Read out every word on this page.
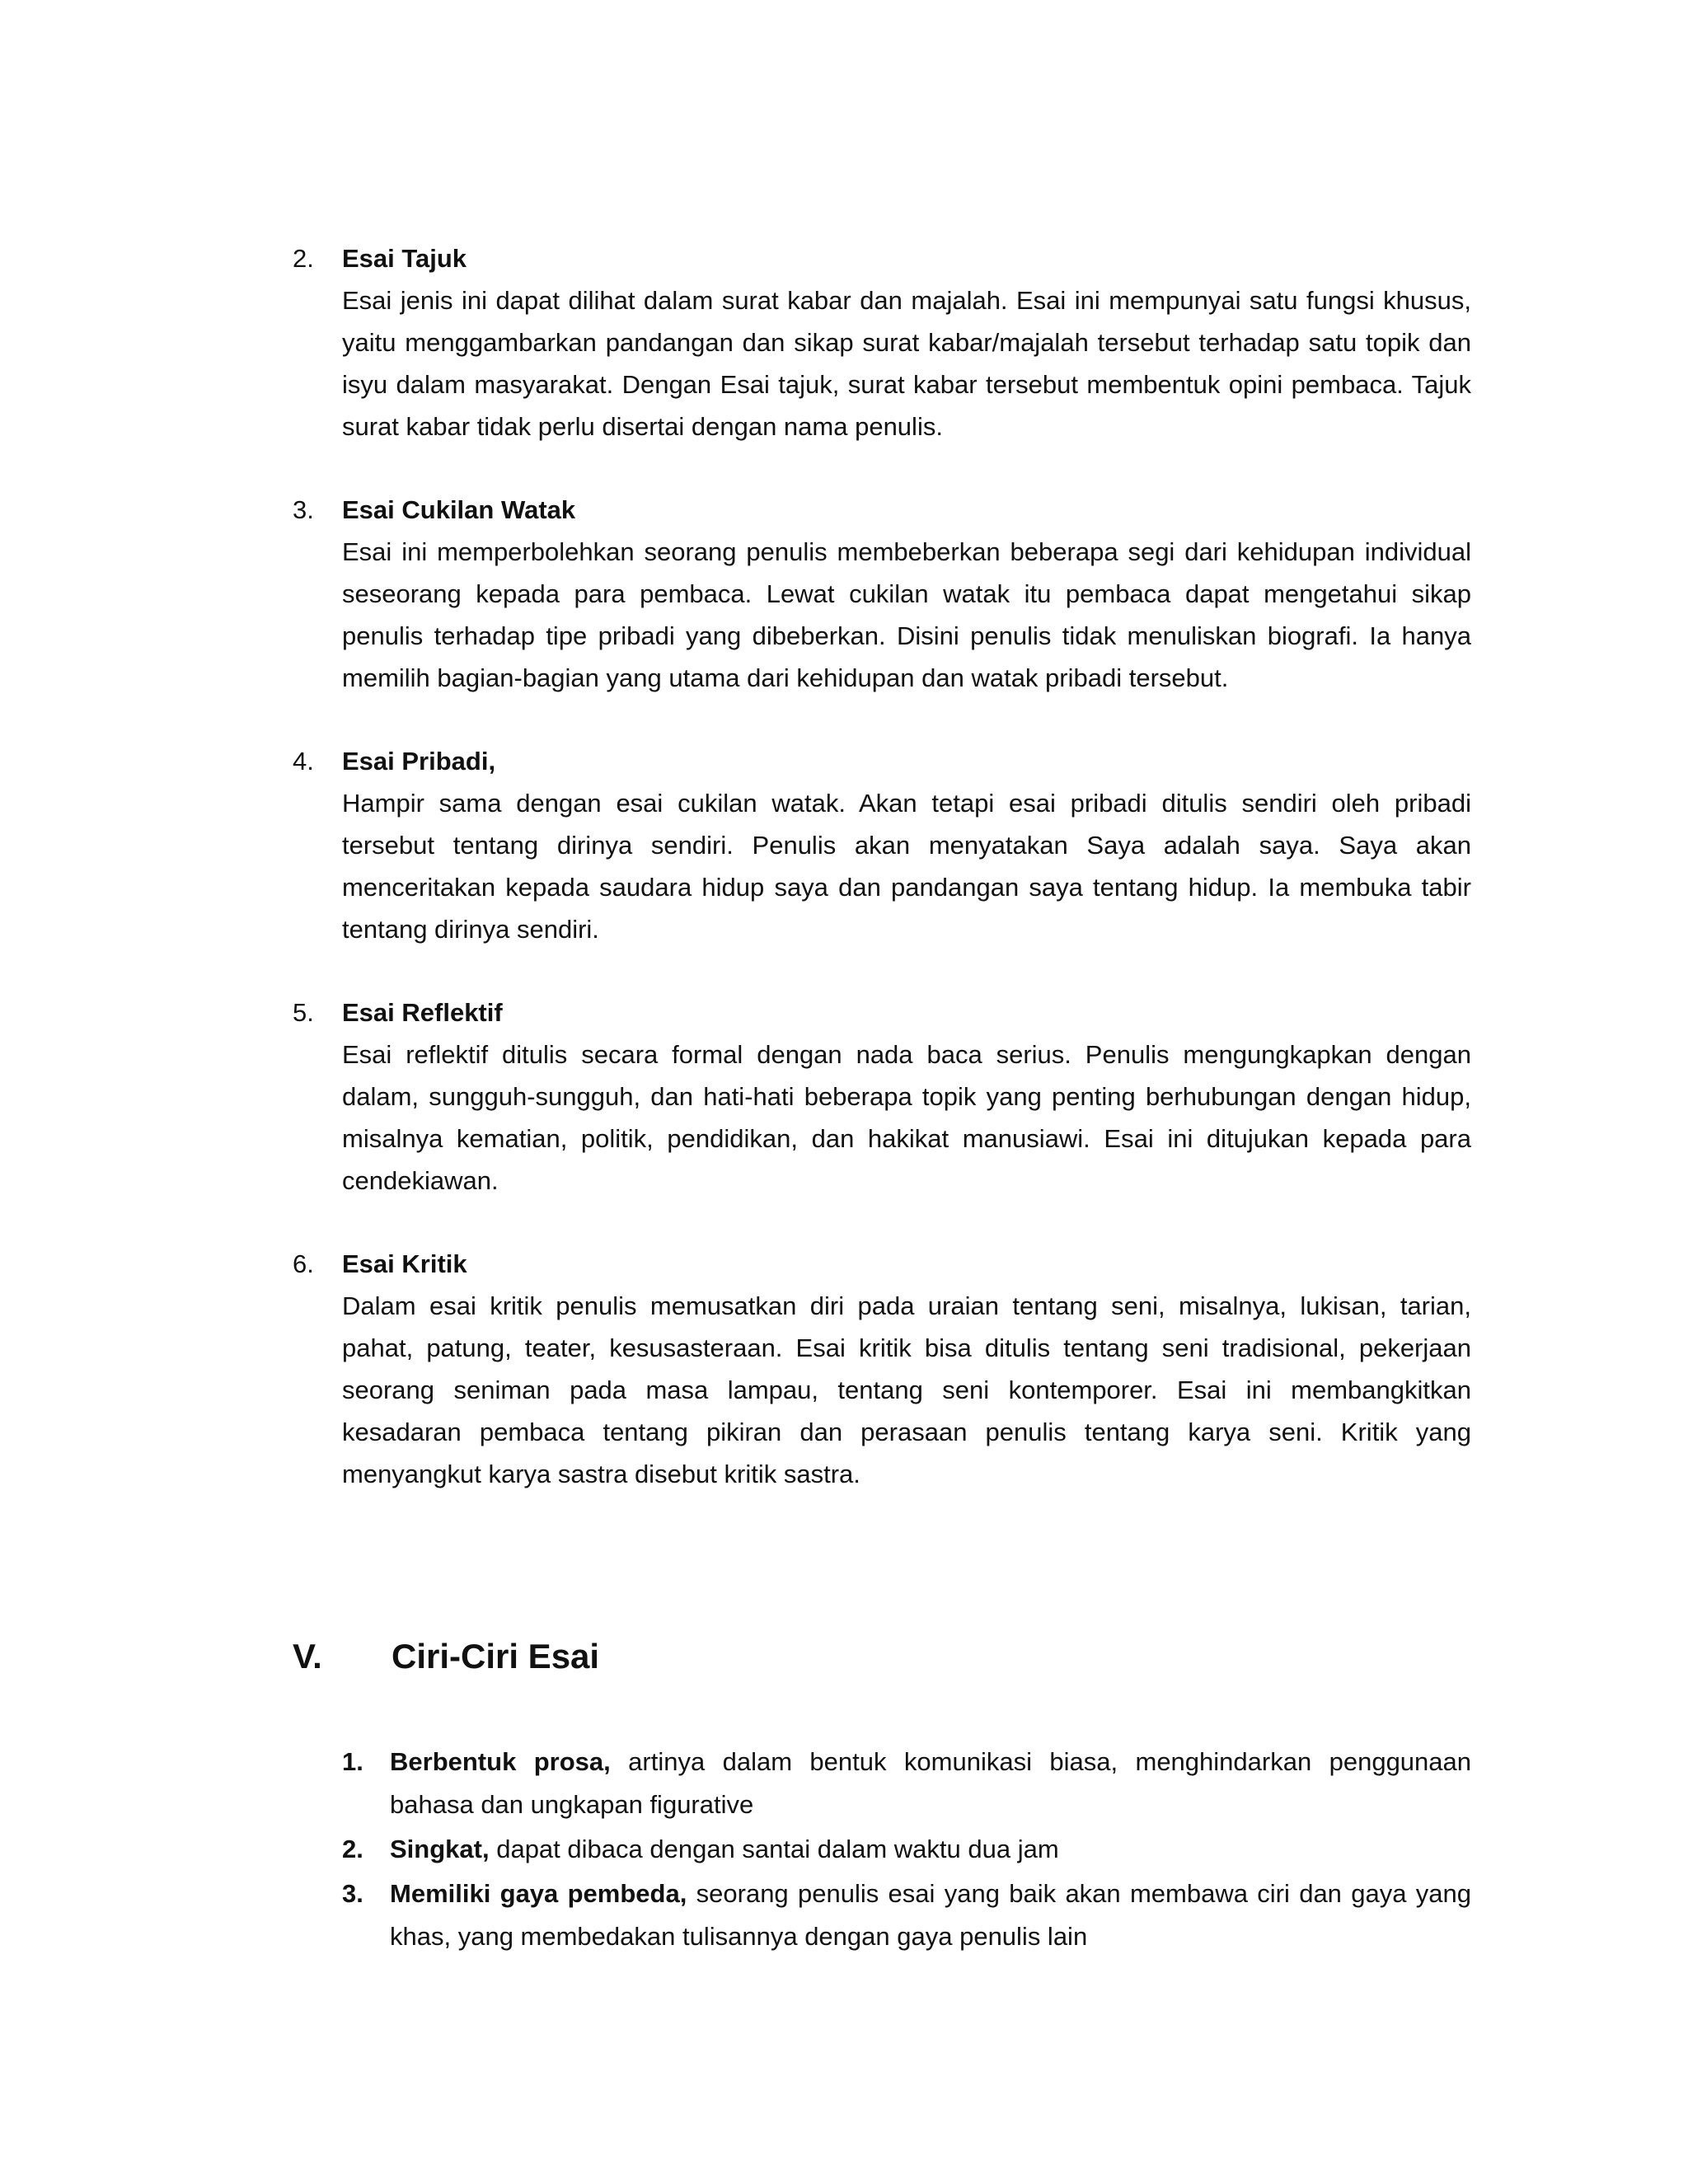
2. Esai Tajuk
Esai jenis ini dapat dilihat dalam surat kabar dan majalah. Esai ini mempunyai satu fungsi khusus, yaitu menggambarkan pandangan dan sikap surat kabar/majalah tersebut terhadap satu topik dan isyu dalam masyarakat. Dengan Esai tajuk, surat kabar tersebut membentuk opini pembaca. Tajuk surat kabar tidak perlu disertai dengan nama penulis.
3. Esai Cukilan Watak
Esai ini memperbolehkan seorang penulis membeberkan beberapa segi dari kehidupan individual seseorang kepada para pembaca. Lewat cukilan watak itu pembaca dapat mengetahui sikap penulis terhadap tipe pribadi yang dibeberkan. Disini penulis tidak menuliskan biografi. Ia hanya memilih bagian-bagian yang utama dari kehidupan dan watak pribadi tersebut.
4. Esai Pribadi,
Hampir sama dengan esai cukilan watak. Akan tetapi esai pribadi ditulis sendiri oleh pribadi tersebut tentang dirinya sendiri. Penulis akan menyatakan Saya adalah saya. Saya akan menceritakan kepada saudara hidup saya dan pandangan saya tentang hidup. Ia membuka tabir tentang dirinya sendiri.
5. Esai Reflektif
Esai reflektif ditulis secara formal dengan nada baca serius. Penulis mengungkapkan dengan dalam, sungguh-sungguh, dan hati-hati beberapa topik yang penting berhubungan dengan hidup, misalnya kematian, politik, pendidikan, dan hakikat manusiawi. Esai ini ditujukan kepada para cendekiawan.
6. Esai Kritik
Dalam esai kritik penulis memusatkan diri pada uraian tentang seni, misalnya, lukisan, tarian, pahat, patung, teater, kesusasteraan. Esai kritik bisa ditulis tentang seni tradisional, pekerjaan seorang seniman pada masa lampau, tentang seni kontemporer. Esai ini membangkitkan kesadaran pembaca tentang pikiran dan perasaan penulis tentang karya seni. Kritik yang menyangkut karya sastra disebut kritik sastra.
V. Ciri-Ciri Esai
1. Berbentuk prosa, artinya dalam bentuk komunikasi biasa, menghindarkan penggunaan bahasa dan ungkapan figurative
2. Singkat, dapat dibaca dengan santai dalam waktu dua jam
3. Memiliki gaya pembeda, seorang penulis esai yang baik akan membawa ciri dan gaya yang khas, yang membedakan tulisannya dengan gaya penulis lain
